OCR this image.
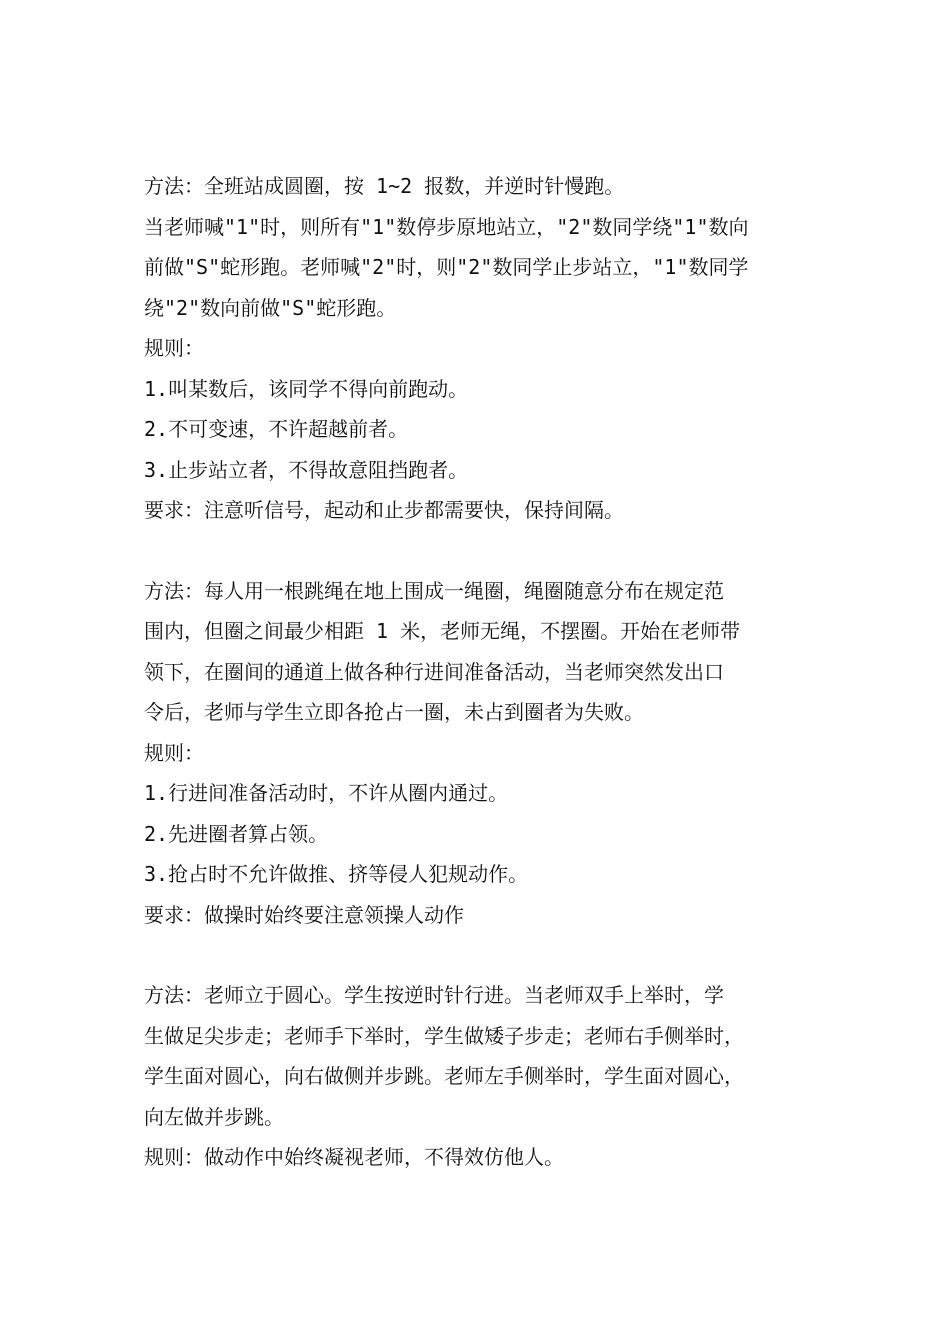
方法：全班站成圆圈，按 1~2 报数，并逆时针慢跑。

当老师喊"1"时，则所有"1"数停步原地站立，"2"数同学绕"1"数向

前做"S"蛇形跑。老师喊"2"时，则"2"数同学止步站立，"1"数同学

绕"2"数向前做"S"蛇形跑。

规则：

1.叫某数后，该同学不得向前跑动。

2.不可变速，不许超越前者。

3.止步站立者，不得故意阻挡跑者。

要求：注意听信号，起动和止步都需要快，保持间隔。

方法：每人用一根跳绳在地上围成一绳圈，绳圈随意分布在规定范

围内，但圈之间最少相距 1 米，老师无绳，不摆圈。开始在老师带

领下，在圈间的通道上做各种行进间准备活动，当老师突然发出口

令后，老师与学生立即各抢占一圈，未占到圈者为失败。

规则：

1.行进间准备活动时，不许从圈内通过。

2.先进圈者算占领。

3.抢占时不允许做推、挤等侵人犯规动作。

要求：做操时始终要注意领操人动作

方法：老师立于圆心。学生按逆时针行进。当老师双手上举时，学

生做足尖步走；老师手下举时，学生做矮子步走；老师右手侧举时，

学生面对圆心，向右做侧并步跳。老师左手侧举时，学生面对圆心，

向左做并步跳。

规则：做动作中始终凝视老师，不得效仿他人。
